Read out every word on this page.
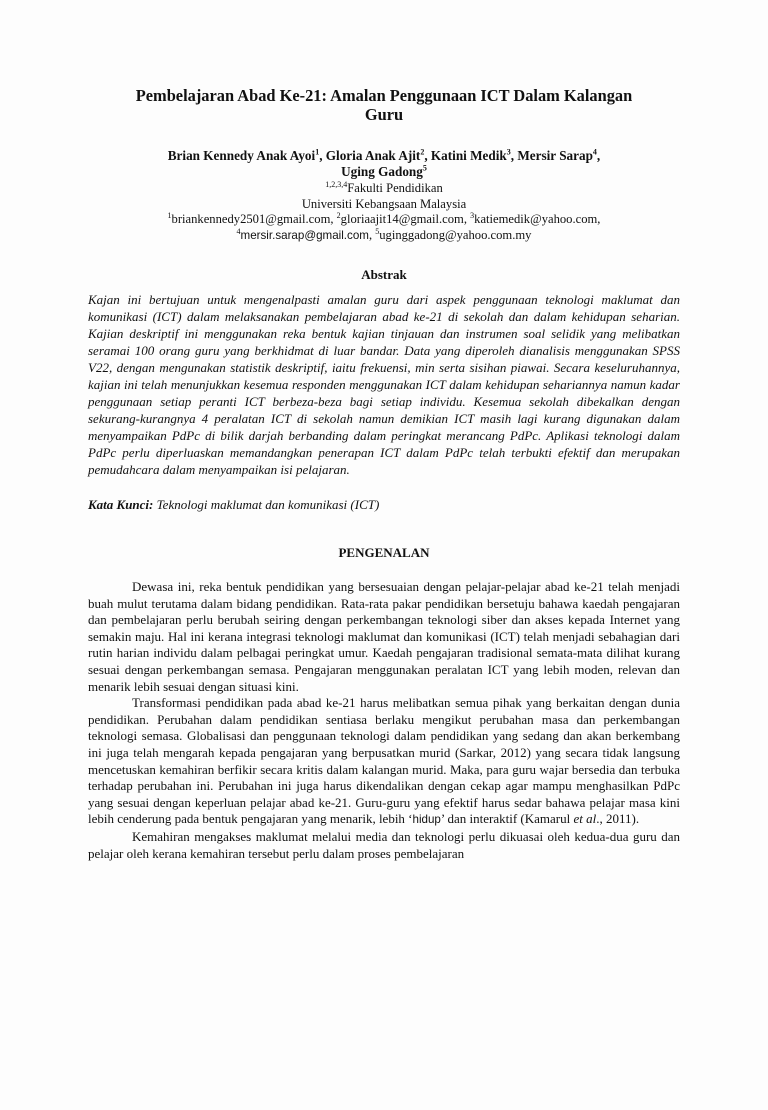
Pembelajaran Abad Ke-21: Amalan Penggunaan ICT Dalam Kalangan
Guru
Brian Kennedy Anak Ayoi$^1$, Gloria Anak Ajit$^2$, Katini Medik$^3$, Mersir Sarap$^4$,
Uging Gadong$^5$
$^{1,2,3,4}$Fakulti Pendidikan
Universiti Kebangsaan Malaysia
$^1$briankennedy2501@gmail.com, $^2$gloriaajit14@gmail.com, $^3$katiemedik@yahoo.com,
$^4$mersir.sarap@gmail.com, $^5$uginggadong@yahoo.com.my
Abstrak
Kajan ini bertujuan untuk mengenalpasti amalan guru dari aspek penggunaan teknologi maklumat dan komunikasi (ICT) dalam melaksanakan pembelajaran abad ke-21 di sekolah dan dalam kehidupan seharian. Kajian deskriptif ini menggunakan reka bentuk kajian tinjauan dan instrumen soal selidik yang melibatkan seramai 100 orang guru yang berkhidmat di luar bandar. Data yang diperoleh dianalisis menggunakan SPSS V22, dengan mengunakan statistik deskriptif, iaitu frekuensi, min serta sisihan piawai. Secara keseluruhannya, kajian ini telah menunjukkan kesemua responden menggunakan ICT dalam kehidupan sehariannya namun kadar penggunaan setiap peranti ICT berbeza-beza bagi setiap individu. Kesemua sekolah dibekalkan dengan sekurang-kurangnya 4 peralatan ICT di sekolah namun demikian ICT masih lagi kurang digunakan dalam menyampaikan PdPc di bilik darjah berbanding dalam peringkat merancang PdPc. Aplikasi teknologi dalam PdPc perlu diperluaskan memandangkan penerapan ICT dalam PdPc telah terbukti efektif dan merupakan pemudahcara dalam menyampaikan isi pelajaran.
Kata Kunci: Teknologi maklumat dan komunikasi (ICT)
PENGENALAN

Dewasa ini, reka bentuk pendidikan yang bersesuaian dengan pelajar-pelajar abad ke-21 telah menjadi buah mulut terutama dalam bidang pendidikan. Rata-rata pakar pendidikan bersetuju bahawa kaedah pengajaran dan pembelajaran perlu berubah seiring dengan perkembangan teknologi siber dan akses kepada Internet yang semakin maju. Hal ini kerana integrasi teknologi maklumat dan komunikasi (ICT) telah menjadi sebahagian dari rutin harian individu dalam pelbagai peringkat umur. Kaedah pengajaran tradisional semata-mata dilihat kurang sesuai dengan perkembangan semasa. Pengajaran menggunakan peralatan ICT yang lebih moden, relevan dan menarik lebih sesuai dengan situasi kini.

Transformasi pendidikan pada abad ke-21 harus melibatkan semua pihak yang berkaitan dengan dunia pendidikan. Perubahan dalam pendidikan sentiasa berlaku mengikut perubahan masa dan perkembangan teknologi semasa. Globalisasi dan penggunaan teknologi dalam pendidikan yang sedang dan akan berkembang ini juga telah mengarah kepada pengajaran yang berpusatkan murid (Sarkar, 2012) yang secara tidak langsung mencetuskan kemahiran berfikir secara kritis dalam kalangan murid. Maka, para guru wajar bersedia dan terbuka terhadap perubahan ini. Perubahan ini juga harus dikendalikan dengan cekap agar mampu menghasilkan PdPc yang sesuai dengan keperluan pelajar abad ke-21. Guru-guru yang efektif harus sedar bahawa pelajar masa kini lebih cenderung pada bentuk pengajaran yang menarik, lebih ‘hidup’ dan interaktif (Kamarul et al., 2011).

Kemahiran mengakses maklumat melalui media dan teknologi perlu dikuasai oleh kedua-dua guru dan pelajar oleh kerana kemahiran tersebut perlu dalam proses pembelajaran
